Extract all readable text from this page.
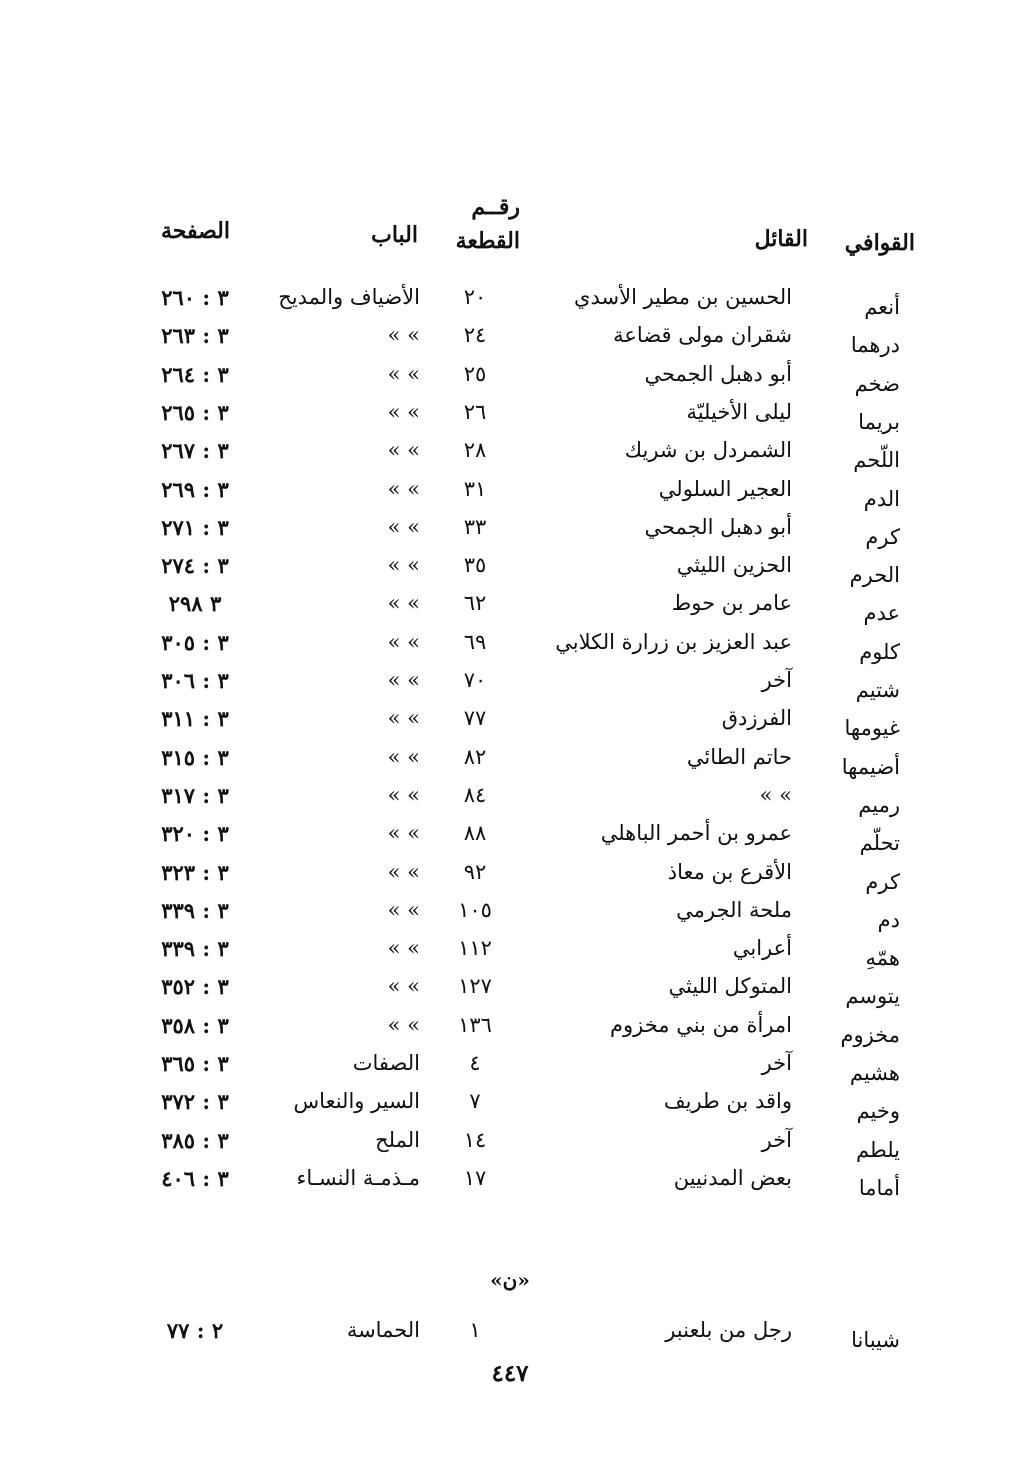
القوافي
القائل
رقــم
القطعة
الباب
الصفحة
أنعم
الحسين بن مطير الأسدي
٢٠
الأضياف والمديح
٣ : ٢٦٠
درهما
شقران مولى قضاعة
٢٤
» »
٣ : ٢٦٣
ضخم
أبو دهبل الجمحي
٢٥
» »
٣ : ٢٦٤
بريما
ليلى الأخيليّة
٢٦
» »
٣ : ٢٦٥
اللّحم
الشمردل بن شريك
٢٨
» »
٣ : ٢٦٧
الدم
العجير السلولي
٣١
» »
٣ : ٢٦٩
كرم
أبو دهبل الجمحي
٣٣
» »
٣ : ٢٧١
الحرم
الحزين الليثي
٣٥
» »
٣ : ٢٧٤
عدم
عامر بن حوط
٦٢
» »
٣ ٢٩٨
كلوم
عبد العزيز بن زرارة الكلابي
٦٩
» »
٣ : ٣٠٥
شتيم
آخر
٧٠
» »
٣ : ٣٠٦
غيومها
الفرزدق
٧٧
» »
٣ : ٣١١
أضيمها
حاتم الطائي
٨٢
» »
٣ : ٣١٥
رميم
» »
٨٤
» »
٣ : ٣١٧
تحلّم
عمرو بن أحمر الباهلي
٨٨
» »
٣ : ٣٢٠
كرم
الأقرع بن معاذ
٩٢
» »
٣ : ٣٢٣
دم
ملحة الجرمي
١٠٥
» »
٣ : ٣٣٩
همّهِ
أعرابي
١١٢
» »
٣ : ٣٣٩
يتوسم
المتوكل الليثي
١٢٧
» »
٣ : ٣٥٢
مخزوم
امرأة من بني مخزوم
١٣٦
» »
٣ : ٣٥٨
هشيم
آخر
٤
الصفات
٣ : ٣٦٥
وخيم
واقد بن طريف
٧
السير والنعاس
٣ : ٣٧٢
يلطم
آخر
١٤
الملح
٣ : ٣٨٥
أماما
بعض المدنيين
١٧
مـذمـة النسـاء
٣ : ٤٠٦
«ن»
شيبانا
رجل من بلعنبر
١
الحماسة
٢ : ٧٧
٤٤٧
